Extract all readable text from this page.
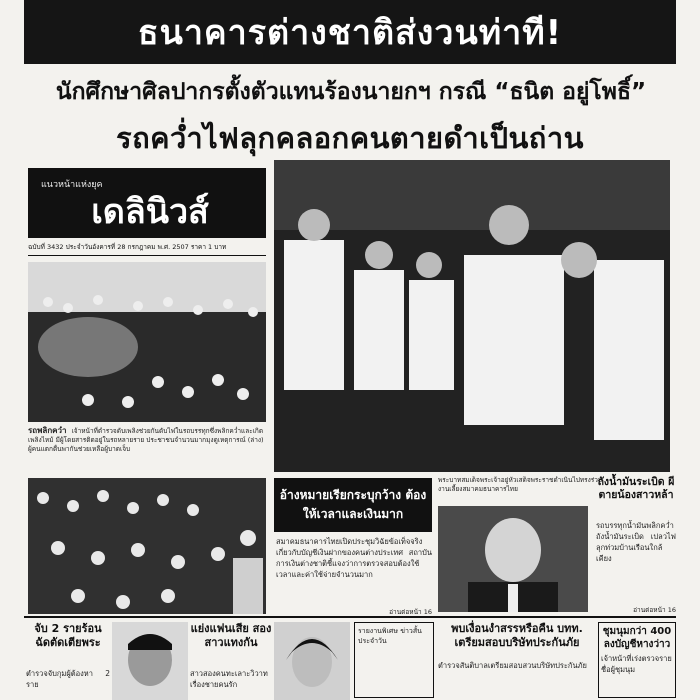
ธนาคารต่างชาติส่งวนท่าที!
นักศึกษาศิลปากรตั้งตัวแทนร้องนายกฯ กรณี “ธนิต อยู่โพธิ์”
รถคว่ำไฟลุกคลอกคนตายดำเป็นถ่าน
แนวหน้าแห่งยุค
เดลินิวส์
ฉบับที่ 3432 ประจำวันอังคารที่ 28 กรกฎาคม พ.ศ. 2507 ราคา 1 บาท
รถพลิกคว่ำ เจ้าหน้าที่ตำรวจดับเพลิงช่วยกันดับไฟในรถบรรทุกซึ่งพลิกคว่ำและเกิดเพลิงไหม้ มีผู้โดยสารติดอยู่ในรถหลายราย ประชาชนจำนวนมากมุงดูเหตุการณ์ (ล่าง) ผู้คนแตกตื่นพากันช่วยเหลือผู้บาดเจ็บ
พระบาทสมเด็จพระเจ้าอยู่หัวเสด็จพระราชดำเนินไปทรงร่วมงานเลี้ยงสมาคมธนาคารไทย
อ้างหมายเรียกระบุกว้าง ต้องให้เวลาและเงินมาก
สมาคมธนาคารไทยเปิดประชุมวิฉัยข้อเท็จจริงเกี่ยวกับบัญชีเงินฝากของคนต่างประเทศ สถาบันการเงินต่างชาติชี้แจงว่าการตรวจสอบต้องใช้เวลาและค่าใช้จ่ายจำนวนมาก
อ่านต่อหน้า 16
ถังน้ำมันระเบิด ผีตายน้องสาวหล้า
รถบรรทุกน้ำมันพลิกคว่ำ ถังน้ำมันระเบิด เปลวไฟลุกท่วมบ้านเรือนใกล้เคียง
อ่านต่อหน้า 16
จับ 2 รายร้อน ฉัดตัดเตียพระ
ตำรวจจับกุมผู้ต้องหา 2 ราย
แย่งแฟนเสีย สองสาวแทงกัน
สาวสองคนทะเลาะวิวาทเรื่องชายคนรัก
รายงานพิเศษ ข่าวสั้นประจำวัน
พบเงื่อนงำสรรหรือคืน บทท. เตรียมสอบบริษัทประกันภัย
ตำรวจสันติบาลเตรียมสอบสวนบริษัทประกันภัย
ชุมนุมกว่า 400 ลงบัญชีหางว่าว
เจ้าหน้าที่เร่งตรวจรายชื่อผู้ชุมนุม
